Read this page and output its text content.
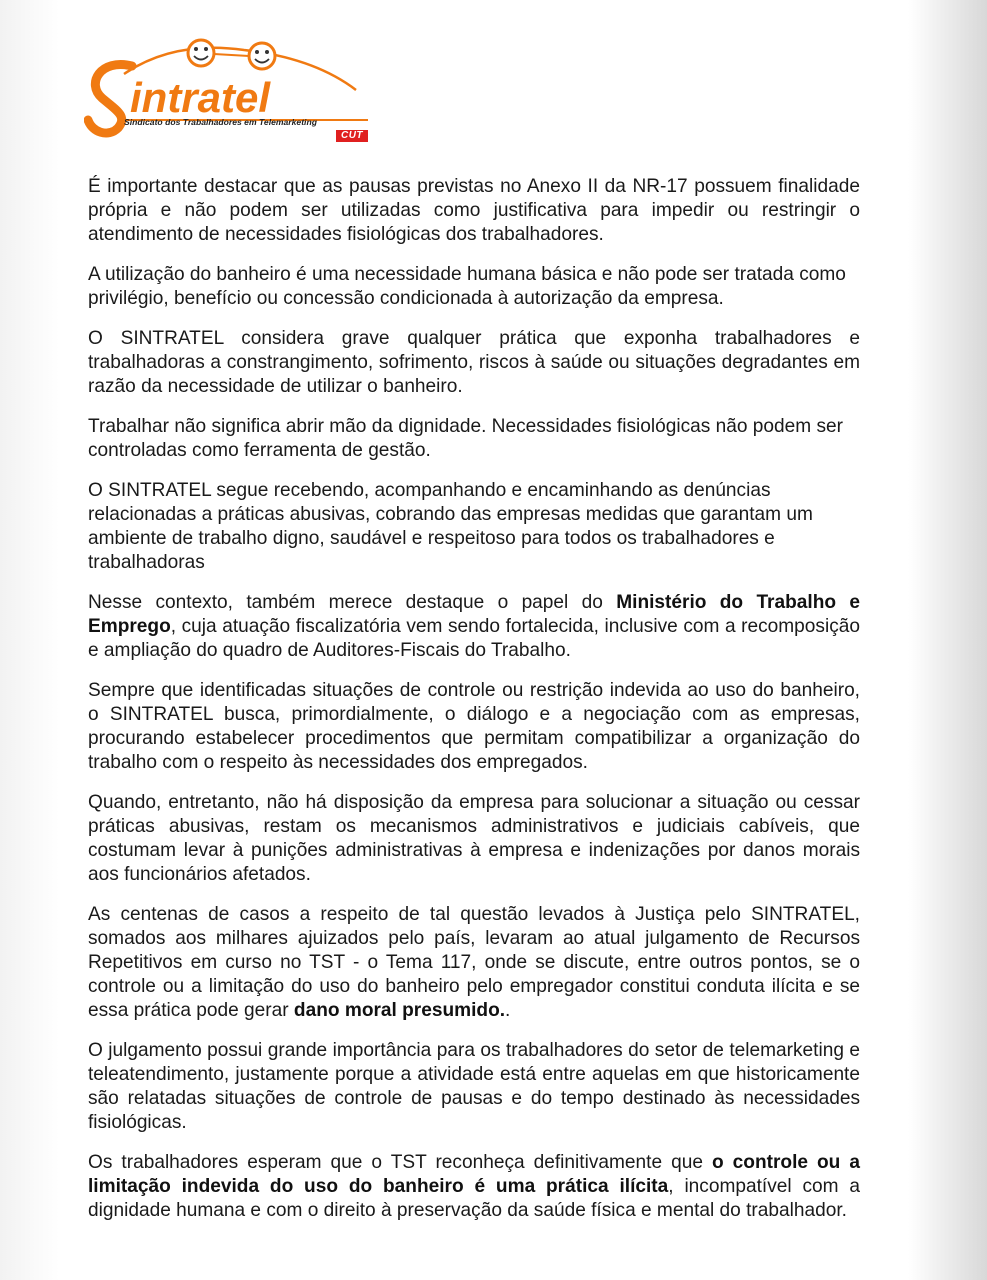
intratel
Sindicato dos Trabalhadores em Telemarketing
CUT

É importante destacar que as pausas previstas no Anexo II da NR-17 possuem finalidade própria e não podem ser utilizadas como justificativa para impedir ou restringir o atendimento de necessidades fisiológicas dos trabalhadores.

A utilização do banheiro é uma necessidade humana básica e não pode ser tratada como privilégio, benefício ou concessão condicionada à autorização da empresa.

O SINTRATEL considera grave qualquer prática que exponha trabalhadores e trabalhadoras a constrangimento, sofrimento, riscos à saúde ou situações degradantes em razão da necessidade de utilizar o banheiro.

Trabalhar não significa abrir mão da dignidade. Necessidades fisiológicas não podem ser controladas como ferramenta de gestão.

O SINTRATEL segue recebendo, acompanhando e encaminhando as denúncias relacionadas a práticas abusivas, cobrando das empresas medidas que garantam um ambiente de trabalho digno, saudável e respeitoso para todos os trabalhadores e trabalhadoras

Nesse contexto, também merece destaque o papel do Ministério do Trabalho e Emprego, cuja atuação fiscalizatória vem sendo fortalecida, inclusive com a recomposição e ampliação do quadro de Auditores-Fiscais do Trabalho.

Sempre que identificadas situações de controle ou restrição indevida ao uso do banheiro, o SINTRATEL busca, primordialmente, o diálogo e a negociação com as empresas, procurando estabelecer procedimentos que permitam compatibilizar a organização do trabalho com o respeito às necessidades dos empregados.

Quando, entretanto, não há disposição da empresa para solucionar a situação ou cessar práticas abusivas, restam os mecanismos administrativos e judiciais cabíveis, que costumam levar à punições administrativas à empresa e indenizações por danos morais aos funcionários afetados.

As centenas de casos a respeito de tal questão levados à Justiça pelo SINTRATEL, somados aos milhares ajuizados pelo país, levaram ao atual julgamento de Recursos Repetitivos em curso no TST - o Tema 117, onde se discute, entre outros pontos, se o controle ou a limitação do uso do banheiro pelo empregador constitui conduta ilícita e se essa prática pode gerar dano moral presumido..

O julgamento possui grande importância para os trabalhadores do setor de telemarketing e teleatendimento, justamente porque a atividade está entre aquelas em que historicamente são relatadas situações de controle de pausas e do tempo destinado às necessidades fisiológicas.

Os trabalhadores esperam que o TST reconheça definitivamente que o controle ou a limitação indevida do uso do banheiro é uma prática ilícita, incompatível com a dignidade humana e com o direito à preservação da saúde física e mental do trabalhador.
